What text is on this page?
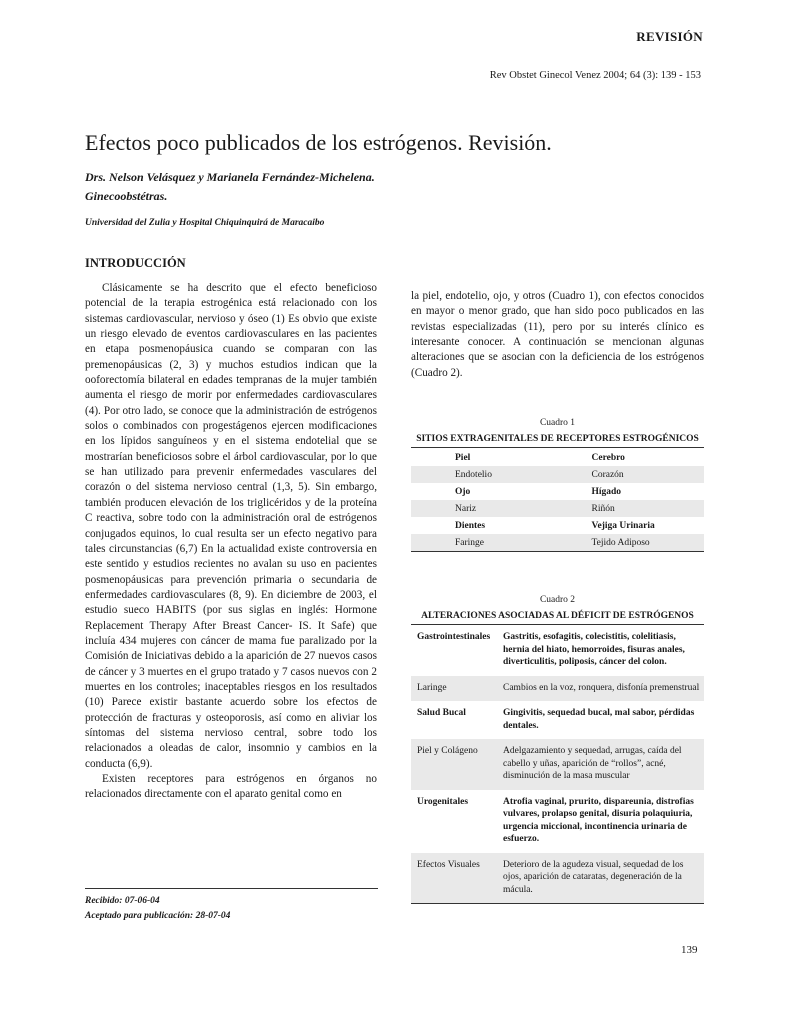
REVISIÓN
Rev Obstet Ginecol Venez 2004; 64 (3): 139 - 153
Efectos poco publicados de los estrógenos. Revisión.
Drs. Nelson Velásquez y Marianela Fernández-Michelena.
Ginecoobstétras.
Universidad del Zulia y Hospital Chiquinquirá de Maracaibo
INTRODUCCIÓN

Clásicamente se ha descrito que el efecto beneficioso potencial de la terapia estrogénica está relacionado con los sistemas cardiovascular, nervioso y óseo (1) Es obvio que existe un riesgo elevado de eventos cardiovasculares en las pacientes en etapa posmenopáusica cuando se comparan con las premenopáusicas (2, 3) y muchos estudios indican que la ooforectomía bilateral en edades tempranas de la mujer también aumenta el riesgo de morir por enfermedades cardiovasculares (4). Por otro lado, se conoce que la administración de estrógenos solos o combinados con progestágenos ejercen modificaciones en los lípidos sanguíneos y en el sistema endotelial que se mostrarían beneficiosos sobre el árbol cardiovascular, por lo que se han utilizado para prevenir enfermedades vasculares del corazón o del sistema nervioso central (1,3, 5). Sin embargo, también producen elevación de los triglicéridos y de la proteína C reactiva, sobre todo con la administración oral de estrógenos conjugados equinos, lo cual resulta ser un efecto negativo para tales circunstancias (6,7) En la actualidad existe controversia en este sentido y estudios recientes no avalan su uso en pacientes posmenopáusicas para prevención primaria o secundaria de enfermedades cardiovasculares (8, 9). En diciembre de 2003, el estudio sueco HABITS (por sus siglas en inglés: Hormone Replacement Therapy After Breast Cancer- IS. It Safe) que incluía 434 mujeres con cáncer de mama fue paralizado por la Comisión de Iniciativas debido a la aparición de 27 nuevos casos de cáncer y 3 muertes en el grupo tratado y 7 casos nuevos con 2 muertes en los controles; inaceptables riesgos en los resultados (10) Parece existir bastante acuerdo sobre los efectos de protección de fracturas y osteoporosis, así como en aliviar los síntomas del sistema nervioso central, sobre todo los relacionados a oleadas de calor, insomnio y cambios en la conducta (6,9).

Existen receptores para estrógenos en órganos no relacionados directamente con el aparato genital como en

Recibido: 07-06-04
Aceptado para publicación: 28-07-04

la piel, endotelio, ojo, y otros (Cuadro 1), con efectos conocidos en mayor o menor grado, que han sido poco publicados en las revistas especializadas (11), pero por su interés clínico es interesante conocer. A continuación se mencionan algunas alteraciones que se asocian con la deficiencia de los estrógenos (Cuadro 2).

Cuadro 1
SITIOS EXTRAGENITALES DE RECEPTORES ESTROGÉNICOS
Piel	Cerebro
Endotelio	Corazón
Ojo	Hígado
Nariz	Riñón
Dientes	Vejiga Urinaria
Faringe	Tejido Adiposo
Cuadro 2
ALTERACIONES ASOCIADAS AL DÉFICIT DE ESTRÓGENOS
Gastrointestinales	Gastritis, esofagitis, colecistitis, colelitiasis, hernia del hiato, hemorroides, fisuras anales, diverticulitis, poliposis, cáncer del colon.
Laringe	Cambios en la voz, ronquera, disfonía premenstrual
Salud Bucal	Gingivitis, sequedad bucal, mal sabor, pérdidas dentales.
Piel y Colágeno	Adelgazamiento y sequedad, arrugas, caída del cabello y uñas, aparición de “rollos”, acné, disminución de la masa muscular
Urogenitales	Atrofia vaginal, prurito, dispareunia, distrofias vulvares, prolapso genital, disuria polaquiuria, urgencia miccional, incontinencia urinaria de esfuerzo.
Efectos Visuales	Deterioro de la agudeza visual, sequedad de los ojos, aparición de cataratas, degeneración de la mácula.
139
